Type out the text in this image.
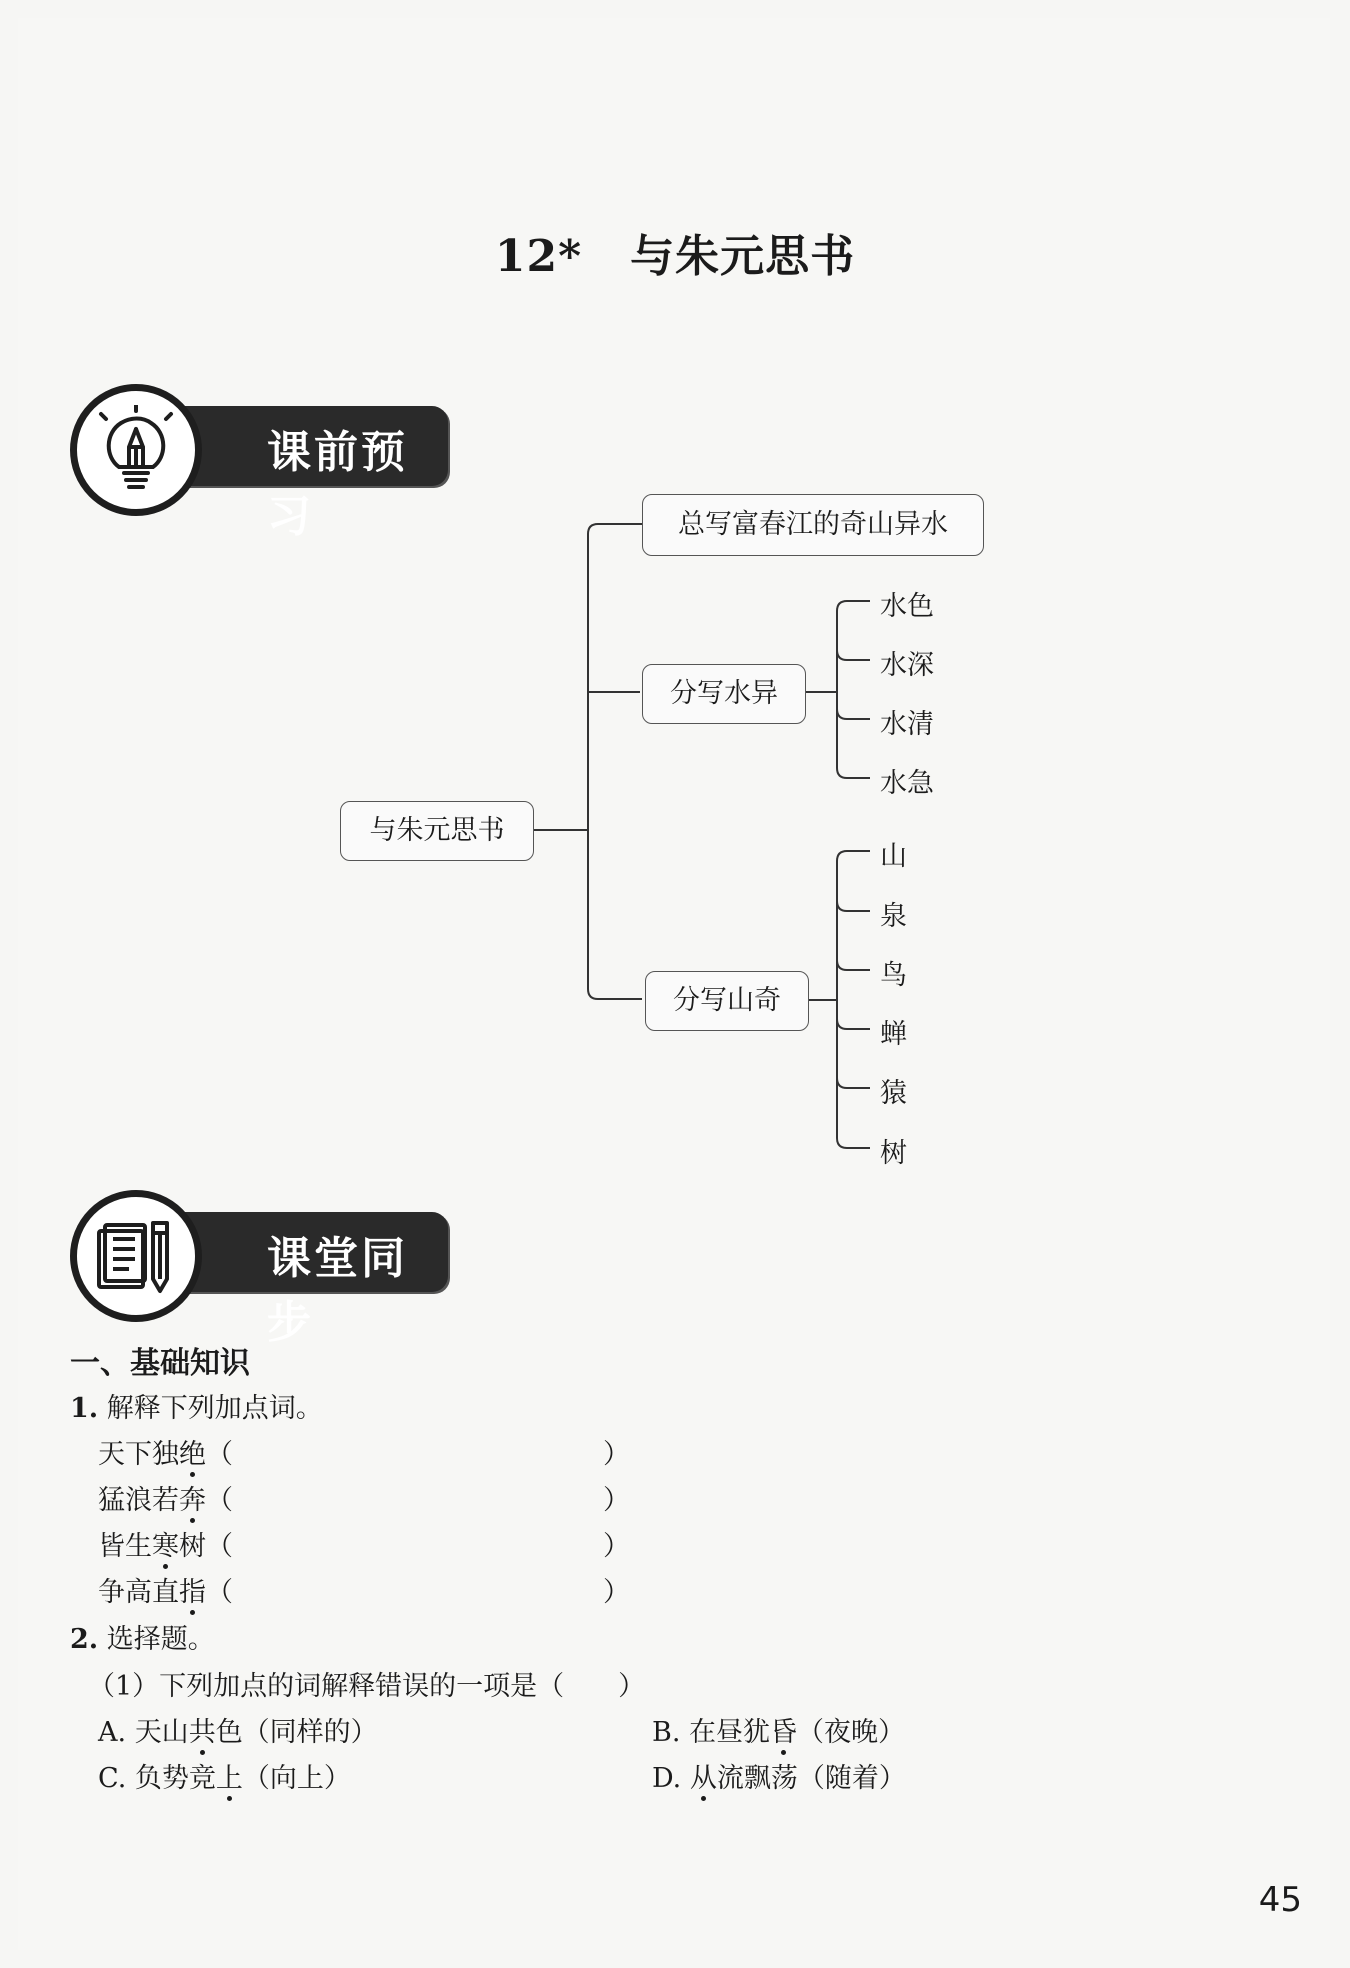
12* 与朱元思书
课前预习
与朱元思书
总写富春江的奇山异水
分写水异
分写山奇
水色
水深
水清
水急
山
泉
鸟
蝉
猿
树
课堂同步
一、基础知识
1. 解释下列加点词。
天下独绝（	）
猛浪若奔（	）
皆生寒树（	）
争高直指（	）
2. 选择题。
（1）下列加点的词解释错误的一项是（　　）
A. 天山共色（同样的）	B. 在昼犹昏（夜晚）
C. 负势竞上（向上）	D. 从流飘荡（随着）
45
